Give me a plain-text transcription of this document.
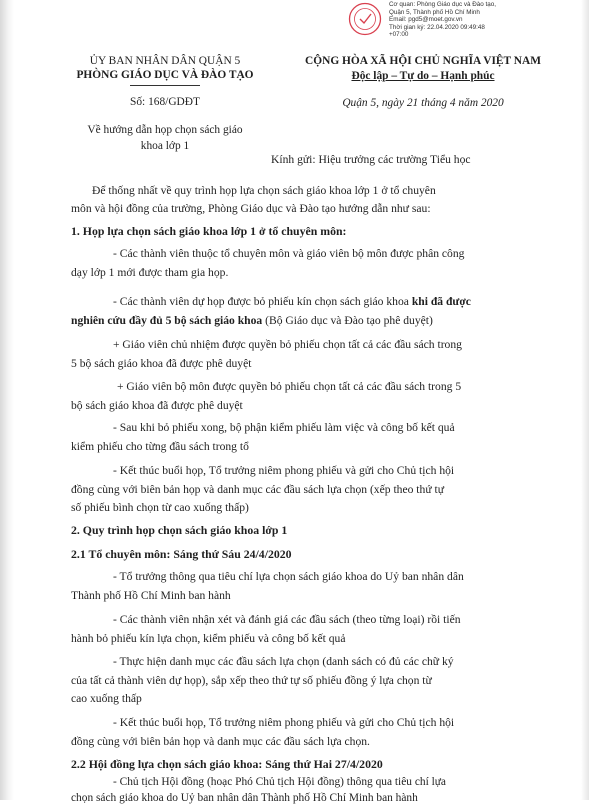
Cơ quan: Phòng Giáo dục và Đào tạo,
Quận 5, Thành phố Hồ Chí Minh
Email: pgd5@moet.gov.vn
Thời gian ký: 22.04.2020 09:49:48
+07:00
ỦY BAN NHÂN DÂN QUẬN 5
PHÒNG GIÁO DỤC VÀ ĐÀO TẠO
Số: 168/GDĐT
Về hướng dẫn họp chọn sách giáo
khoa lớp 1
CỘNG HÒA XÃ HỘI CHỦ NGHĨA VIỆT NAM
Độc lập – Tự do – Hạnh phúc
Quận 5, ngày 21 tháng 4 năm 2020
Kính gửi: Hiệu trưởng các trường Tiểu học
Để thống nhất về quy trình họp lựa chọn sách giáo khoa lớp 1 ở tổ chuyên
môn và hội đồng của trường, Phòng Giáo dục và Đào tạo hướng dẫn như sau:
1. Họp lựa chọn sách giáo khoa lớp 1 ở tổ chuyên môn:
- Các thành viên thuộc tổ chuyên môn và giáo viên bộ môn được phân công
dạy lớp 1 mới được tham gia họp.
- Các thành viên dự họp được bỏ phiếu kín chọn sách giáo khoa khi đã được
nghiên cứu đầy đủ 5 bộ sách giáo khoa (Bộ Giáo dục và Đào tạo phê duyệt)
+ Giáo viên chủ nhiệm được quyền bỏ phiếu chọn tất cả các đầu sách trong
5 bộ sách giáo khoa đã được phê duyệt
+ Giáo viên bộ môn được quyền bỏ phiếu chọn tất cả các đầu sách trong 5
bộ sách giáo khoa đã được phê duyệt
- Sau khi bỏ phiếu xong, bộ phận kiểm phiếu làm việc và công bố kết quả
kiểm phiếu cho từng đầu sách trong tổ
- Kết thúc buổi họp, Tổ trưởng niêm phong phiếu và gửi cho Chủ tịch hội
đồng cùng với biên bản họp và danh mục các đầu sách lựa chọn (xếp theo thứ tự
số phiếu bình chọn từ cao xuống thấp)
2. Quy trình họp chọn sách giáo khoa lớp 1
2.1 Tổ chuyên môn: Sáng thứ Sáu 24/4/2020
- Tổ trưởng thông qua tiêu chí lựa chọn sách giáo khoa do Uỷ ban nhân dân
Thành phố Hồ Chí Minh ban hành
- Các thành viên nhận xét và đánh giá các đầu sách (theo từng loại) rồi tiến
hành bỏ phiếu kín lựa chọn, kiểm phiếu và công bố kết quả
- Thực hiện danh mục các đầu sách lựa chọn (danh sách có đủ các chữ ký
của tất cả thành viên dự họp), sắp xếp theo thứ tự số phiếu đồng ý lựa chọn từ
cao xuống thấp
- Kết thúc buổi họp, Tổ trưởng niêm phong phiếu và gửi cho Chủ tịch hội
đồng cùng với biên bản họp và danh mục các đầu sách lựa chọn.
2.2 Hội đồng lựa chọn sách giáo khoa: Sáng thứ Hai 27/4/2020
- Chủ tịch Hội đồng (hoạc Phó Chủ tịch Hội đồng) thông qua tiêu chí lựa
chọn sách giáo khoa do Uỷ ban nhân dân Thành phố Hồ Chí Minh ban hành
